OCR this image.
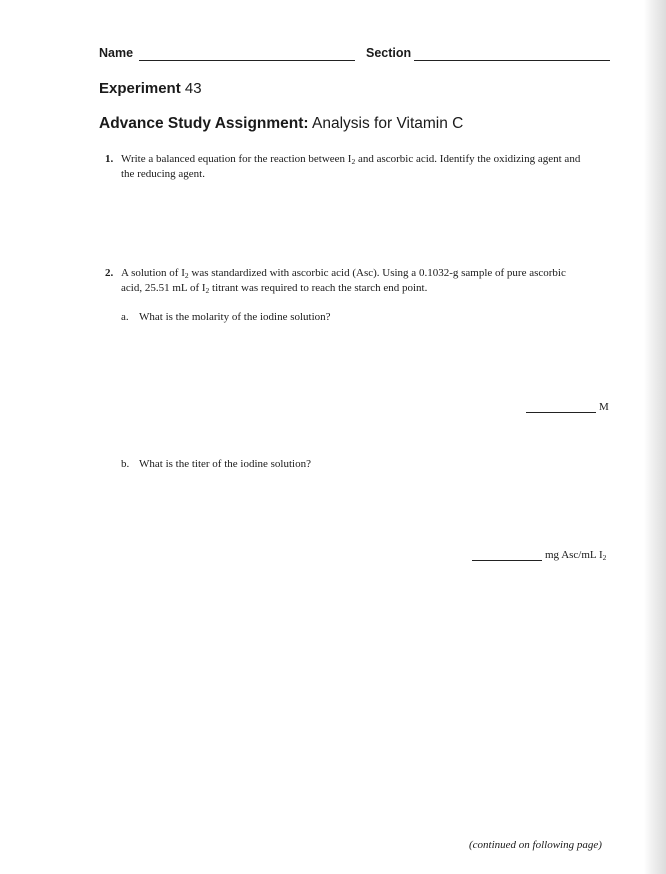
Name	Section
Experiment 43
Advance Study Assignment: Analysis for Vitamin C
1. Write a balanced equation for the reaction between $I_2$ and ascorbic acid. Identify the oxidizing agent and
the reducing agent.
2. A solution of $I_2$ was standardized with ascorbic acid (Asc). Using a 0.1032-g sample of pure ascorbic
acid, 25.51 mL of $I_2$ titrant was required to reach the starch end point.
a. What is the molarity of the iodine solution?
M
b. What is the titer of the iodine solution?
mg Asc/mL $I_2$
(continued on following page)
